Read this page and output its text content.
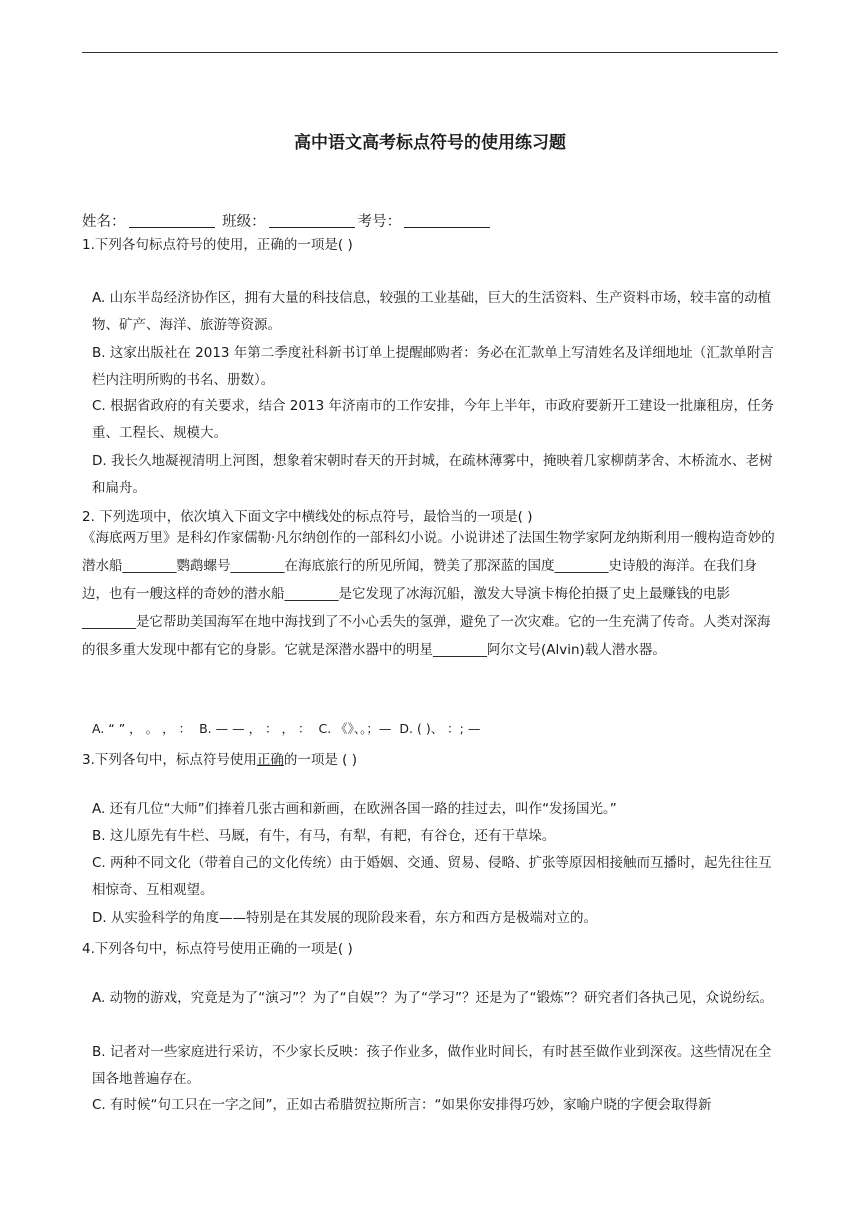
高中语文高考标点符号的使用练习题
姓名：	班级：	考号：
1.下列各句标点符号的使用，正确的一项是( )
A. 山东半岛经济协作区，拥有大量的科技信息，较强的工业基础，巨大的生活资料、生产资料市场，较丰富的动植物、矿产、海洋、旅游等资源。
B. 这家出版社在 2013 年第二季度社科新书订单上提醒邮购者：务必在汇款单上写清姓名及详细地址（汇款单附言栏内注明所购的书名、册数）。
C. 根据省政府的有关要求，结合 2013 年济南市的工作安排，今年上半年，市政府要新开工建设一批廉租房，任务重、工程长、规模大。
D. 我长久地凝视清明上河图，想象着宋朝时春天的开封城，在疏林薄雾中，掩映着几家柳荫茅舍、木桥流水、老树和扁舟。
2. 下列选项中，依次填入下面文字中横线处的标点符号，最恰当的一项是( )
《海底两万里》是科幻作家儒勒·凡尔纳创作的一部科幻小说。小说讲述了法国生物学家阿龙纳斯利用一艘构造奇妙的潜水船________鹦鹉螺号________在海底旅行的所见所闻，赞美了那深蓝的国度________史诗般的海洋。在我们身边，也有一艘这样的奇妙的潜水船________是它发现了冰海沉船，激发大导演卡梅伦拍摄了史上最赚钱的电影________是它帮助美国海军在地中海找到了不小心丢失的氢弹，避免了一次灾难。它的一生充满了传奇。人类对深海的很多重大发现中都有它的身影。它就是深潜水器中的明星________阿尔文号(Alvin)载人潜水器。
A. “ ” ， 。 ， ： B. — — ， ： ， ： C. 《》、。；— D. ( )、 ：; —
3.下列各句中，标点符号使用正确的一项是 ( )
A. 还有几位“大师”们捧着几张古画和新画，在欧洲各国一路的挂过去，叫作“发扬国光。”
B. 这儿原先有牛栏、马厩，有牛，有马，有犁，有耙，有谷仓，还有干草垛。
C. 两种不同文化（带着自己的文化传统）由于婚姻、交通、贸易、侵略、扩张等原因相接触而互播时，起先往往互相惊奇、互相观望。
D. 从实验科学的角度——特别是在其发展的现阶段来看，东方和西方是极端对立的。
4.下列各句中，标点符号使用正确的一项是( )
A. 动物的游戏，究竟是为了“演习”？为了“自娱”？为了“学习”？还是为了“锻炼”？研究者们各执己见，众说纷纭。
B. 记者对一些家庭进行采访，不少家长反映：孩子作业多，做作业时间长，有时甚至做作业到深夜。这些情况在全国各地普遍存在。
C. 有时候“句工只在一字之间”，正如古希腊贺拉斯所言：“如果你安排得巧妙，家喻户晓的字便会取得新
